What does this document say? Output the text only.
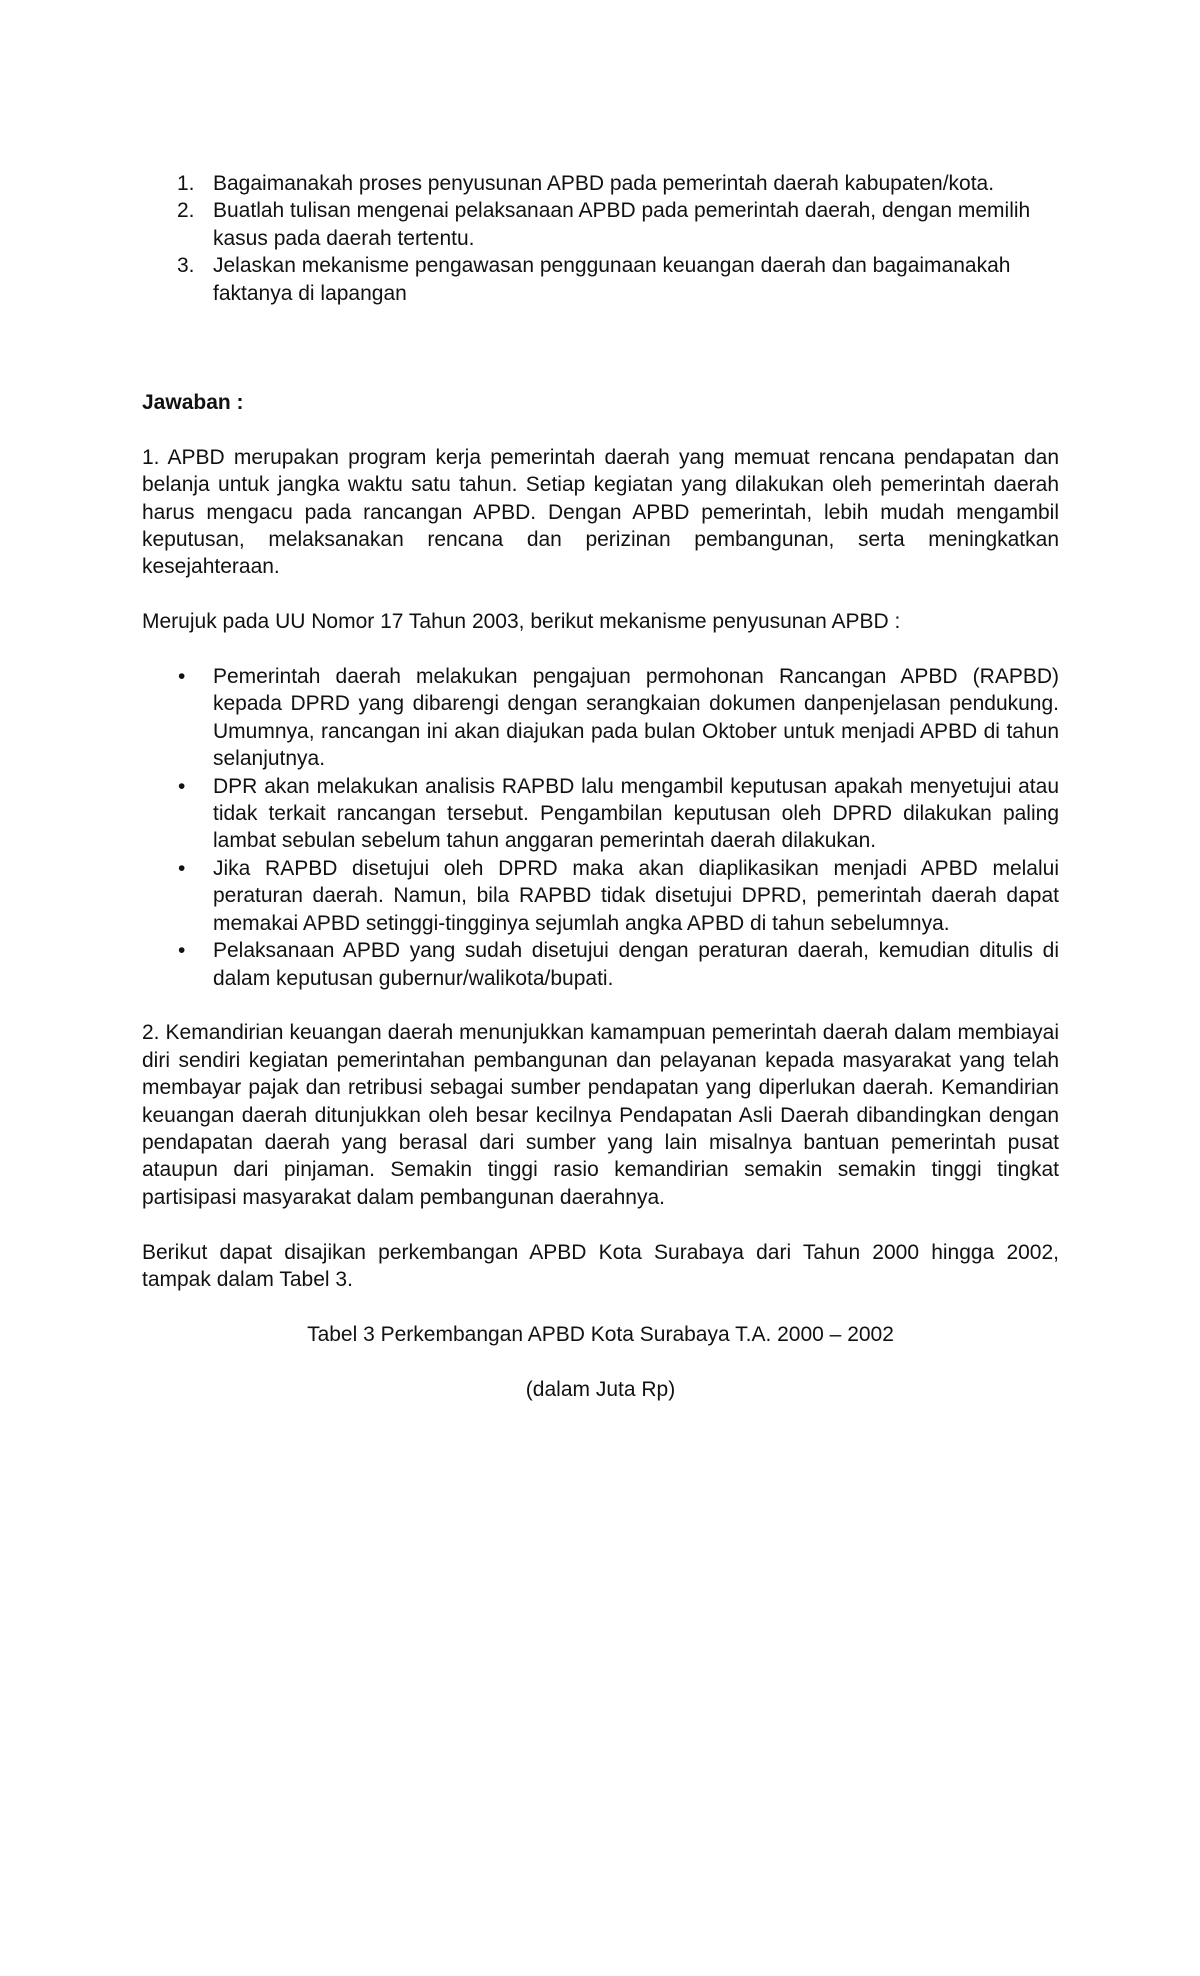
1. Bagaimanakah proses penyusunan APBD pada pemerintah daerah kabupaten/kota.
2. Buatlah tulisan mengenai pelaksanaan APBD pada pemerintah daerah, dengan memilih kasus pada daerah tertentu.
3. Jelaskan mekanisme pengawasan penggunaan keuangan daerah dan bagaimanakah faktanya di lapangan

Jawaban :

1. APBD merupakan program kerja pemerintah daerah yang memuat rencana pendapatan dan belanja untuk jangka waktu satu tahun. Setiap kegiatan yang dilakukan oleh pemerintah daerah harus mengacu pada rancangan APBD. Dengan APBD pemerintah, lebih mudah mengambil keputusan, melaksanakan rencana dan perizinan pembangunan, serta meningkatkan kesejahteraan.

Merujuk pada UU Nomor 17 Tahun 2003, berikut mekanisme penyusunan APBD :

• Pemerintah daerah melakukan pengajuan permohonan Rancangan APBD (RAPBD) kepada DPRD yang dibarengi dengan serangkaian dokumen danpenjelasan pendukung. Umumnya, rancangan ini akan diajukan pada bulan Oktober untuk menjadi APBD di tahun selanjutnya.
• DPR akan melakukan analisis RAPBD lalu mengambil keputusan apakah menyetujui atau tidak terkait rancangan tersebut. Pengambilan keputusan oleh DPRD dilakukan paling lambat sebulan sebelum tahun anggaran pemerintah daerah dilakukan.
• Jika RAPBD disetujui oleh DPRD maka akan diaplikasikan menjadi APBD melalui peraturan daerah. Namun, bila RAPBD tidak disetujui DPRD, pemerintah daerah dapat memakai APBD setinggi-tingginya sejumlah angka APBD di tahun sebelumnya.
• Pelaksanaan APBD yang sudah disetujui dengan peraturan daerah, kemudian ditulis di dalam keputusan gubernur/walikota/bupati.

2. Kemandirian keuangan daerah menunjukkan kamampuan pemerintah daerah dalam membiayai diri sendiri kegiatan pemerintahan pembangunan dan pelayanan kepada masyarakat yang telah membayar pajak dan retribusi sebagai sumber pendapatan yang diperlukan daerah. Kemandirian keuangan daerah ditunjukkan oleh besar kecilnya Pendapatan Asli Daerah dibandingkan dengan pendapatan daerah yang berasal dari sumber yang lain misalnya bantuan pemerintah pusat ataupun dari pinjaman. Semakin tinggi rasio kemandirian semakin semakin tinggi tingkat partisipasi masyarakat dalam pembangunan daerahnya.

Berikut dapat disajikan perkembangan APBD Kota Surabaya dari Tahun 2000 hingga 2002, tampak dalam Tabel 3.

Tabel 3 Perkembangan APBD Kota Surabaya T.A. 2000 – 2002

(dalam Juta Rp)
